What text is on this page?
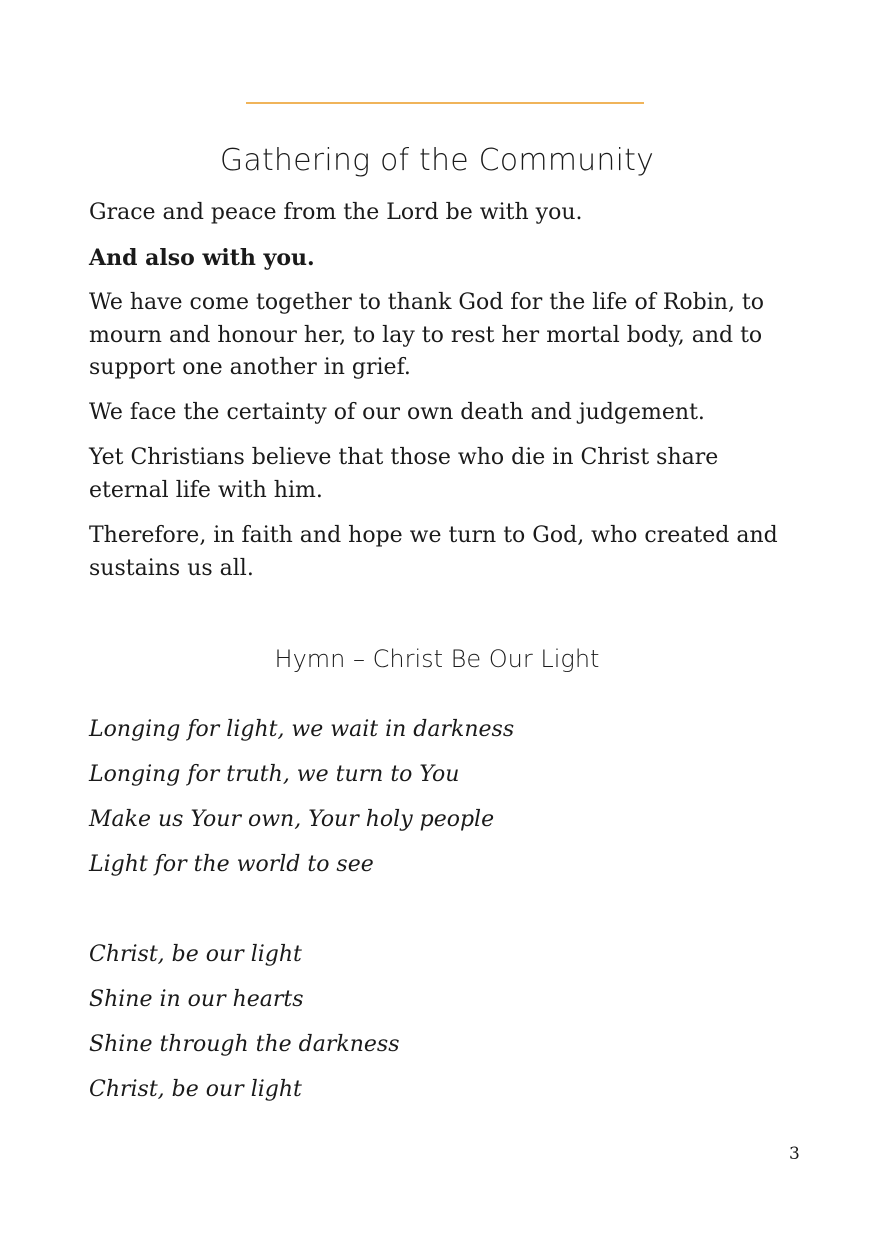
Gathering of the Community

Grace and peace from the Lord be with you.

And also with you.

We have come together to thank God for the life of Robin, to mourn and honour her, to lay to rest her mortal body, and to support one another in grief.

We face the certainty of our own death and judgement.

Yet Christians believe that those who die in Christ share eternal life with him.

Therefore, in faith and hope we turn to God, who created and sustains us all.

Hymn – Christ Be Our Light

Longing for light, we wait in darkness

Longing for truth, we turn to You

Make us Your own, Your holy people

Light for the world to see

Christ, be our light

Shine in our hearts

Shine through the darkness

Christ, be our light

3
